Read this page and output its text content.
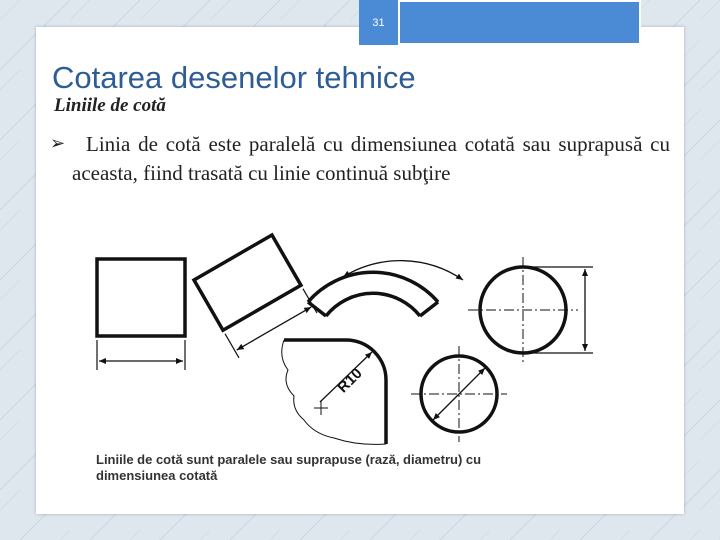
31
Cotarea desenelor tehnice
Liniile de cotă
➢ Linia de cotă este paralelă cu dimensiunea cotată sau suprapusă cu aceasta, fiind trasată cu linie continuă subţire
R10
Liniile de cotă sunt paralele sau suprapuse (rază, diametru) cu
dimensiunea cotată
